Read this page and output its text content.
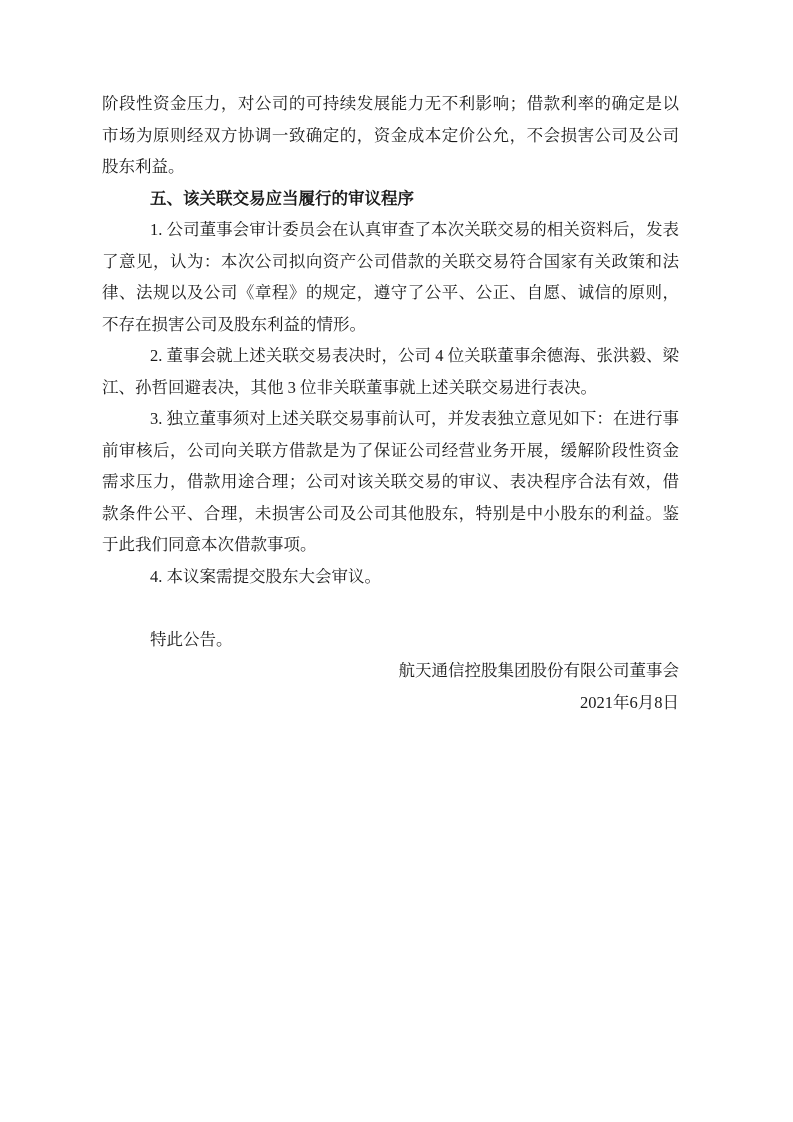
阶段性资金压力，对公司的可持续发展能力无不利影响；借款利率的确定是以市场为原则经双方协调一致确定的，资金成本定价公允，不会损害公司及公司股东利益。

五、该关联交易应当履行的审议程序

1. 公司董事会审计委员会在认真审查了本次关联交易的相关资料后，发表了意见，认为：本次公司拟向资产公司借款的关联交易符合国家有关政策和法律、法规以及公司《章程》的规定，遵守了公平、公正、自愿、诚信的原则，不存在损害公司及股东利益的情形。

2. 董事会就上述关联交易表决时，公司 4 位关联董事余德海、张洪毅、梁江、孙哲回避表决，其他 3 位非关联董事就上述关联交易进行表决。

3. 独立董事须对上述关联交易事前认可，并发表独立意见如下：在进行事前审核后，公司向关联方借款是为了保证公司经营业务开展，缓解阶段性资金需求压力，借款用途合理；公司对该关联交易的审议、表决程序合法有效，借款条件公平、合理，未损害公司及公司其他股东，特别是中小股东的利益。鉴于此我们同意本次借款事项。

4. 本议案需提交股东大会审议。

特此公告。

航天通信控股集团股份有限公司董事会

2021年6月8日
